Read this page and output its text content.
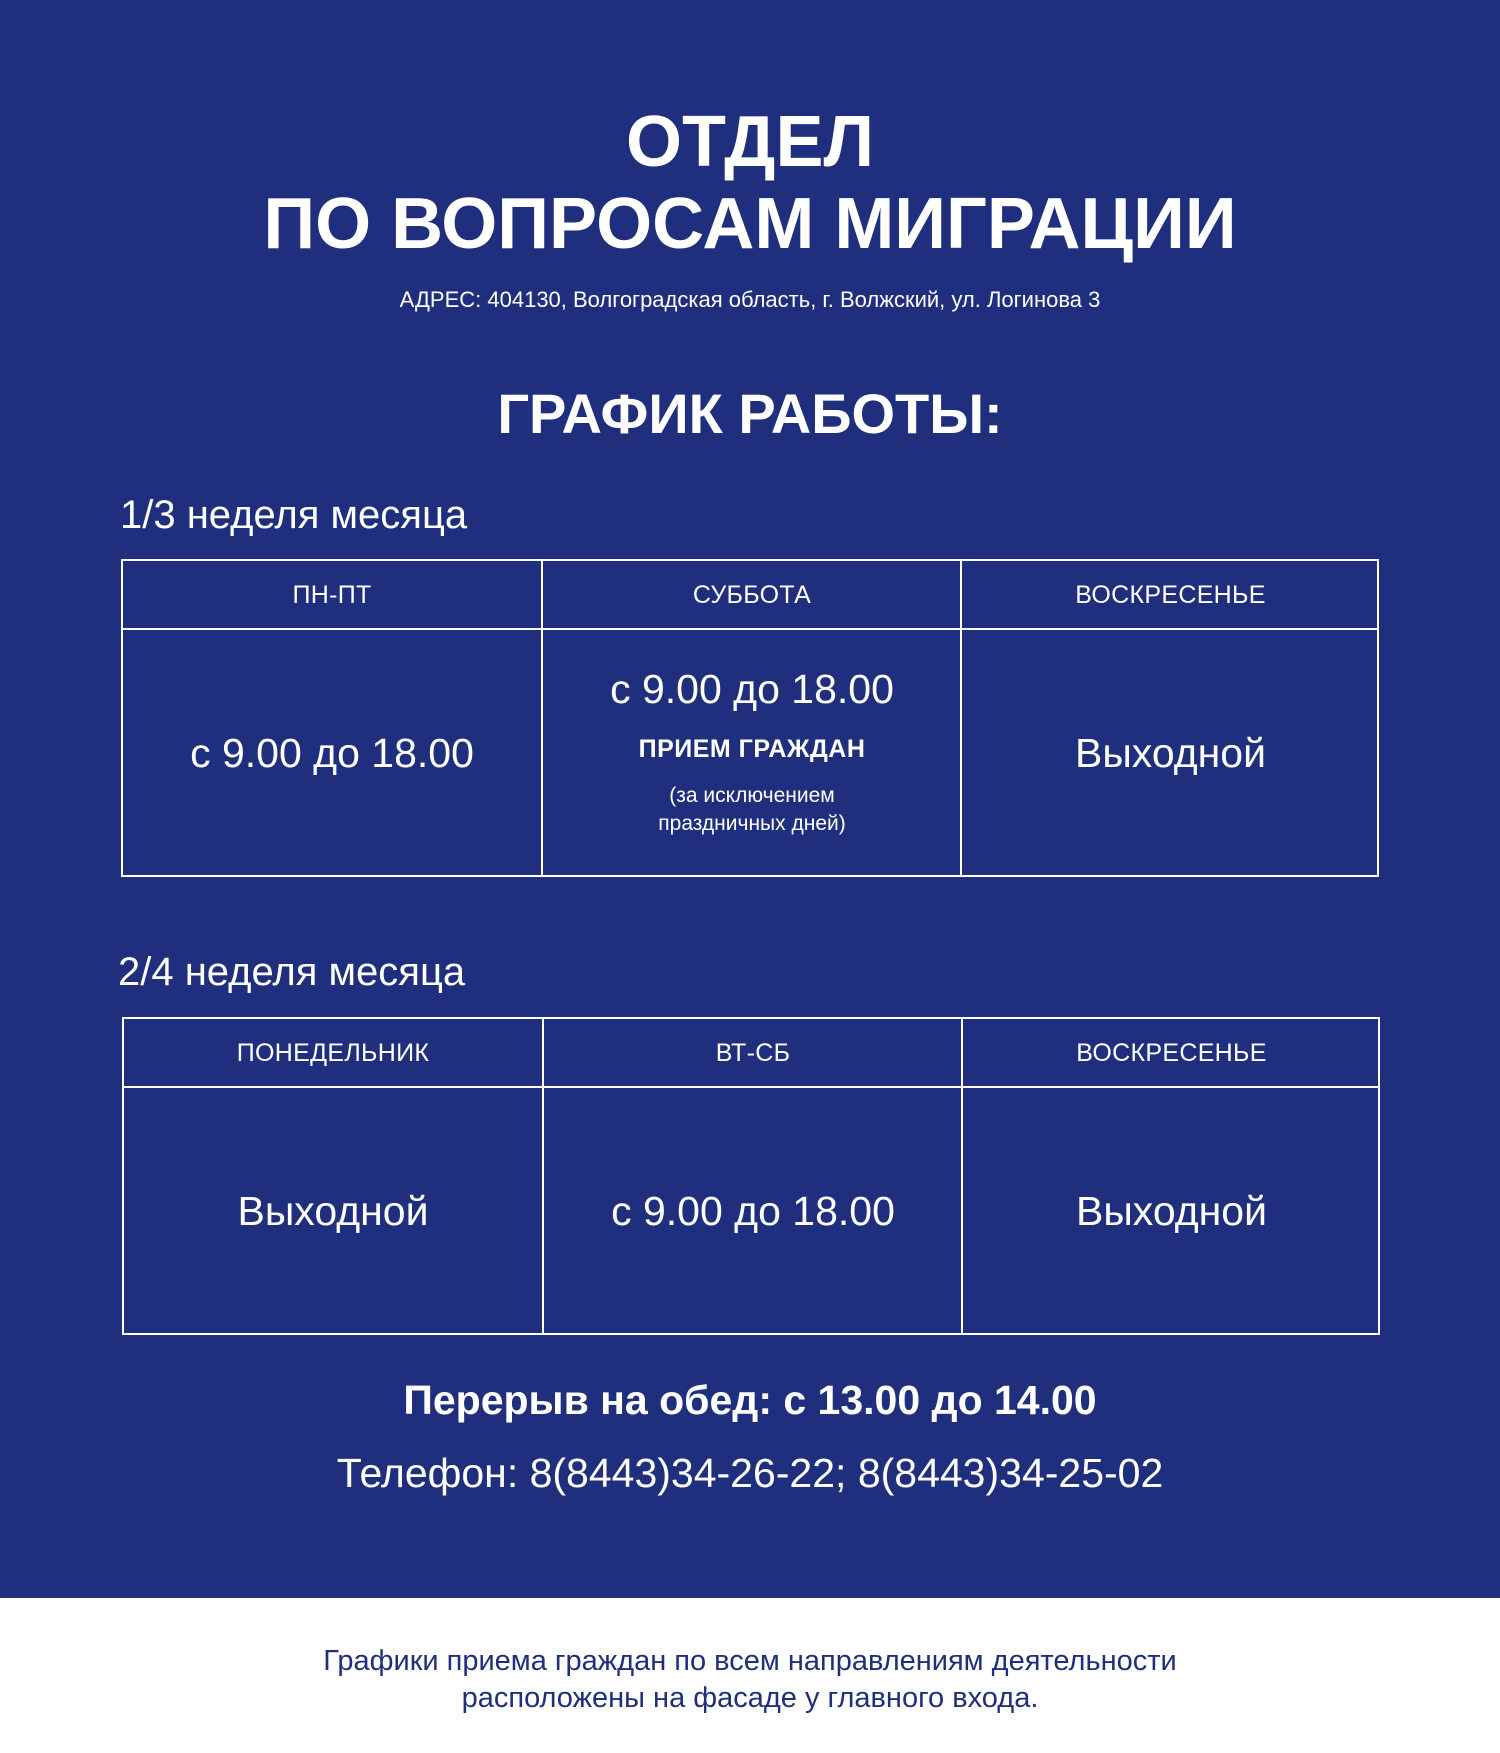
ОТДЕЛ
ПО ВОПРОСАМ МИГРАЦИИ
АДРЕС: 404130, Волгоградская область, г. Волжский, ул. Логинова 3
ГРАФИК РАБОТЫ:
1/3 неделя месяца
ПН-ПТ
с 9.00 до 18.00
СУББОТА
с 9.00 до 18.00
ПРИЕМ ГРАЖДАН
(за исключением праздничных дней)
ВОСКРЕСЕНЬЕ
Выходной
2/4 неделя месяца
ПОНЕДЕЛЬНИК
Выходной
ВТ-СБ
с 9.00 до 18.00
ВОСКРЕСЕНЬЕ
Выходной
Перерыв на обед: с 13.00 до 14.00
Телефон: 8(8443)34-26-22; 8(8443)34-25-02
Графики приема граждан по всем направлениям деятельности
расположены на фасаде у главного входа.
